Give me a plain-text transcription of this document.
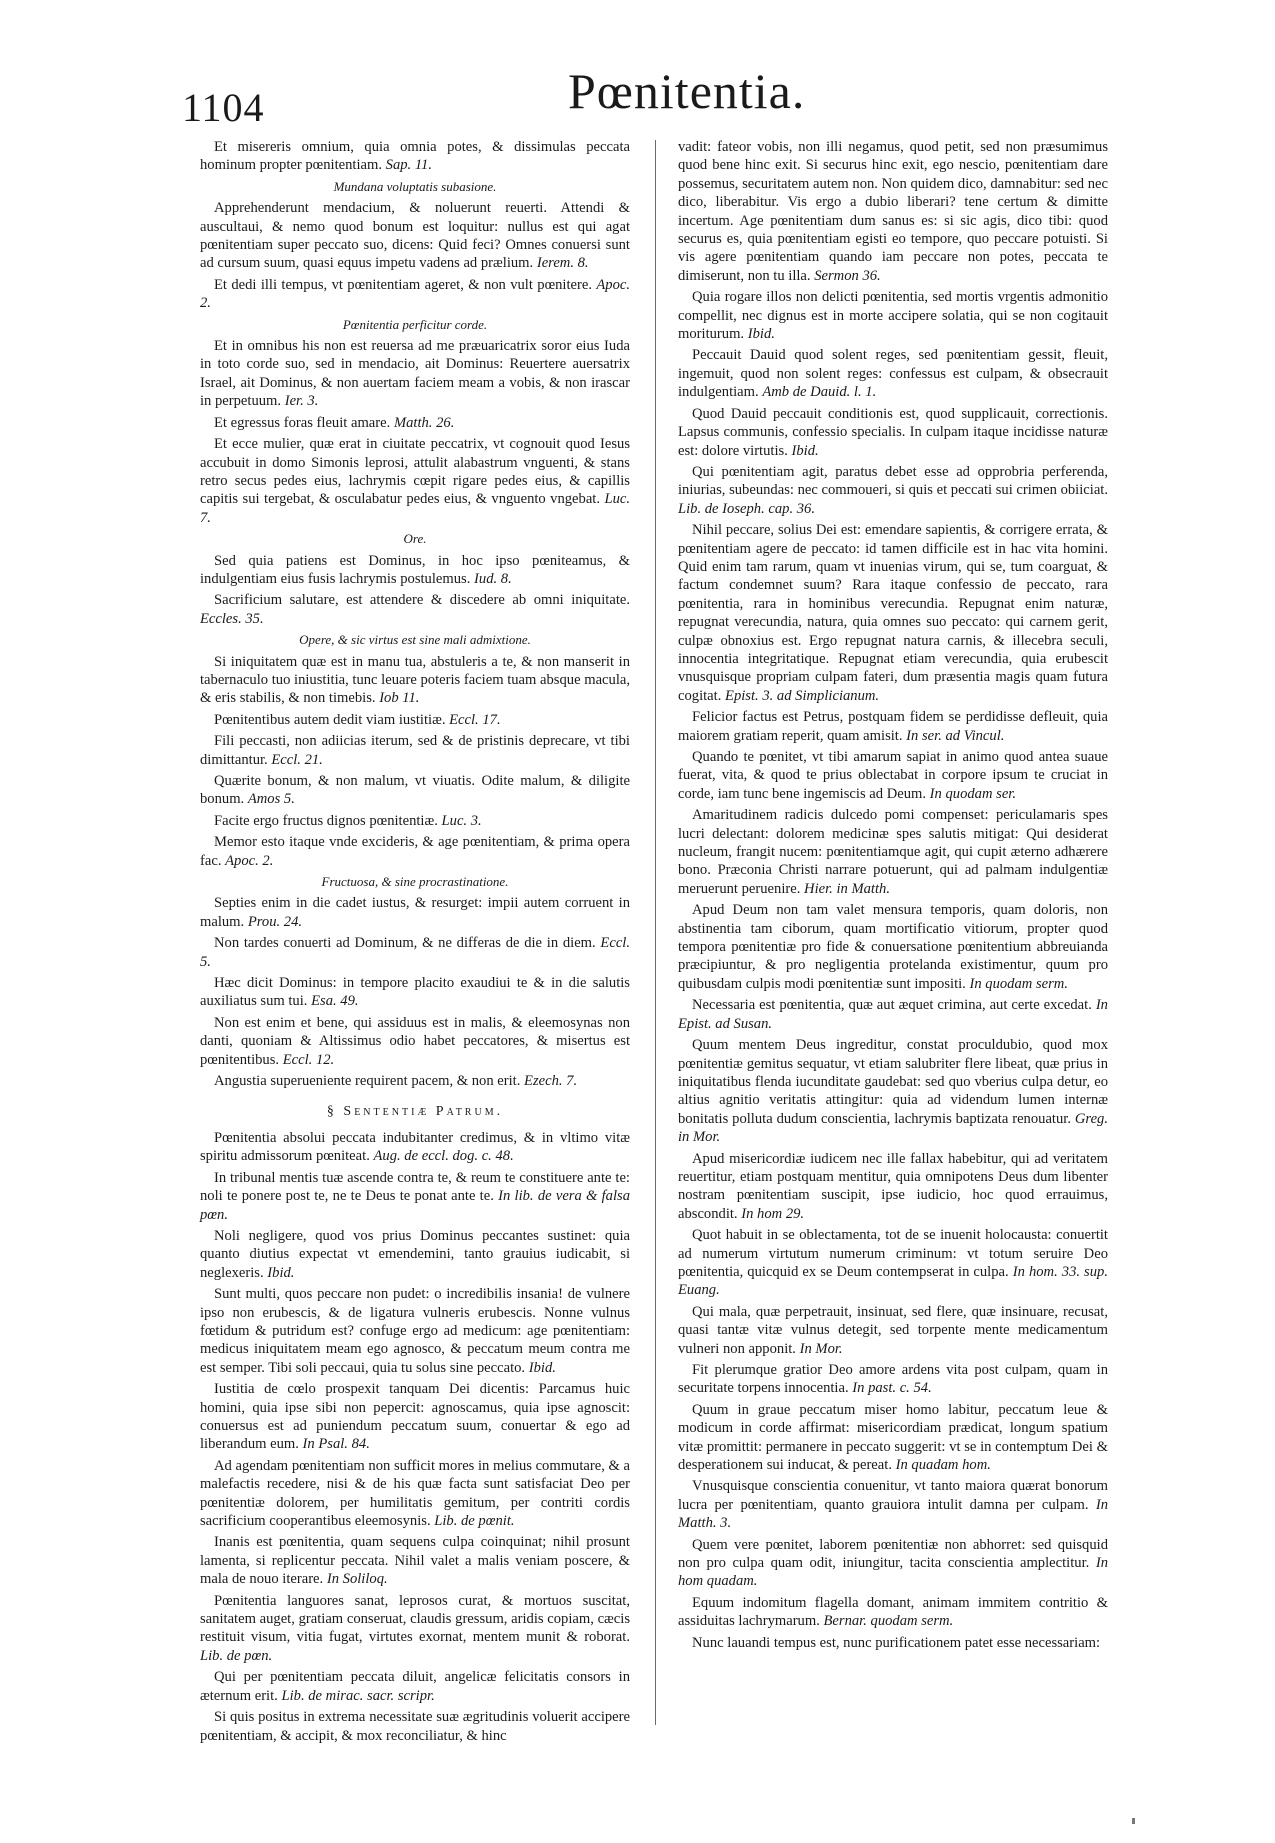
1104	Pœnitentia.

Et misereris omnium, quia omnia potes, & dissimulas peccata hominum propter pœnitentiam. Sap. 11.

Mundana voluptatis subasione.

Apprehenderunt mendacium, & noluerunt reuerti. Attendi & auscultaui, & nemo quod bonum est loquitur: nullus est qui agat pœnitentiam super peccato suo, dicens: Quid feci? Omnes conuersi sunt ad cursum suum, quasi equus impetu vadens ad prælium. Ierem. 8.

Et dedi illi tempus, vt pœnitentiam ageret, & non vult pœnitere. Apoc. 2.

Pœnitentia perficitur corde.

Et in omnibus his non est reuersa ad me præuaricatrix soror eius Iuda in toto corde suo, sed in mendacio, ait Dominus: Reuertere auersatrix Israel, ait Dominus, & non auertam faciem meam a vobis, & non irascar in perpetuum. Ier. 3.

Et egressus foras fleuit amare. Matth. 26.

Et ecce mulier, quæ erat in ciuitate peccatrix, vt cognouit quod Iesus accubuit in domo Simonis leprosi, attulit alabastrum vnguenti, & stans retro secus pedes eius, lachrymis cœpit rigare pedes eius, & capillis capitis sui tergebat, & osculabatur pedes eius, & vnguento vngebat. Luc. 7.

Ore.

Sed quia patiens est Dominus, in hoc ipso pœniteamus, & indulgentiam eius fusis lachrymis postulemus. Iud. 8.

Sacrificium salutare, est attendere & discedere ab omni iniquitate. Eccles. 35.

Opere, & sic virtus est sine mali admixtione.

Si iniquitatem quæ est in manu tua, abstuleris a te, & non manserit in tabernaculo tuo iniustitia, tunc leuare poteris faciem tuam absque macula, & eris stabilis, & non timebis. Iob 11.

Pœnitentibus autem dedit viam iustitiæ. Eccl. 17.

Fili peccasti, non adiicias iterum, sed & de pristinis deprecare, vt tibi dimittantur. Eccl. 21.

Quærite bonum, & non malum, vt viuatis. Odite malum, & diligite bonum. Amos 5.

Facite ergo fructus dignos pœnitentiæ. Luc. 3.

Memor esto itaque vnde excideris, & age pœnitentiam, & prima opera fac. Apoc. 2.

Fructuosa, & sine procrastinatione.

Septies enim in die cadet iustus, & resurget: impii autem corruent in malum. Prou. 24.

Non tardes conuerti ad Dominum, & ne differas de die in diem. Eccl. 5.

Hæc dicit Dominus: in tempore placito exaudiui te & in die salutis auxiliatus sum tui. Esa. 49.

Non est enim et bene, qui assiduus est in malis, & eleemosynas non danti, quoniam & Altissimus odio habet peccatores, & misertus est pœnitentibus. Eccl. 12.

Angustia superueniente requirent pacem, & non erit. Ezech. 7.

§ Sententiæ Patrum.

Pœnitentia absolui peccata indubitanter credimus, & in vltimo vitæ spiritu admissorum pœniteat. Aug. de eccl. dog. c. 48.

In tribunal mentis tuæ ascende contra te, & reum te constituere ante te: noli te ponere post te, ne te Deus te ponat ante te. In lib. de vera & falsa pœn.

Noli negligere, quod vos prius Dominus peccantes sustinet: quia quanto diutius expectat vt emendemini, tanto grauius iudicabit, si neglexeris. Ibid.

Sunt multi, quos peccare non pudet: o incredibilis insania! de vulnere ipso non erubescis, & de ligatura vulneris erubescis. Nonne vulnus fœtidum & putridum est? confuge ergo ad medicum: age pœnitentiam: medicus iniquitatem meam ego agnosco, & peccatum meum contra me est semper. Tibi soli peccaui, quia tu solus sine peccato. Ibid.

Iustitia de cœlo prospexit tanquam Dei dicentis: Parcamus huic homini, quia ipse sibi non pepercit: agnoscamus, quia ipse agnoscit: conuersus est ad puniendum peccatum suum, conuertar & ego ad liberandum eum. In Psal. 84.

Ad agendam pœnitentiam non sufficit mores in melius commutare, & a malefactis recedere, nisi & de his quæ facta sunt satisfaciat Deo per pœnitentiæ dolorem, per humilitatis gemitum, per contriti cordis sacrificium cooperantibus eleemosynis. Lib. de pœnit.

Inanis est pœnitentia, quam sequens culpa coinquinat; nihil prosunt lamenta, si replicentur peccata. Nihil valet a malis veniam poscere, & mala de nouo iterare. In Soliloq.

Pœnitentia languores sanat, leprosos curat, & mortuos suscitat, sanitatem auget, gratiam conseruat, claudis gressum, aridis copiam, cæcis restituit visum, vitia fugat, virtutes exornat, mentem munit & roborat. Lib. de pœn.

Qui per pœnitentiam peccata diluit, angelicæ felicitatis consors in æternum erit. Lib. de mirac. sacr. scripr.

Si quis positus in extrema necessitate suæ ægritudinis voluerit accipere pœnitentiam, & accipit, & mox reconciliatur, & hinc

vadit: fateor vobis, non illi negamus, quod petit, sed non præsumimus quod bene hinc exit. Si securus hinc exit, ego nescio, pœnitentiam dare possemus, securitatem autem non. Non quidem dico, damnabitur: sed nec dico, liberabitur. Vis ergo a dubio liberari? tene certum & dimitte incertum. Age pœnitentiam dum sanus es: si sic agis, dico tibi: quod securus es, quia pœnitentiam egisti eo tempore, quo peccare potuisti. Si vis agere pœnitentiam quando iam peccare non potes, peccata te dimiserunt, non tu illa. Sermon 36.

Quia rogare illos non delicti pœnitentia, sed mortis vrgentis admonitio compellit, nec dignus est in morte accipere solatia, qui se non cogitauit moriturum. Ibid.

Peccauit Dauid quod solent reges, sed pœnitentiam gessit, fleuit, ingemuit, quod non solent reges: confessus est culpam, & obsecrauit indulgentiam. Amb de Dauid. l. 1.

Quod Dauid peccauit conditionis est, quod supplicauit, correctionis. Lapsus communis, confessio specialis. In culpam itaque incidisse naturæ est: dolore virtutis. Ibid.

Qui pœnitentiam agit, paratus debet esse ad opprobria perferenda, iniurias, subeundas: nec commoueri, si quis et peccati sui crimen obiiciat. Lib. de Ioseph. cap. 36.

Nihil peccare, solius Dei est: emendare sapientis, & corrigere errata, & pœnitentiam agere de peccato: id tamen difficile est in hac vita homini. Quid enim tam rarum, quam vt inuenias virum, qui se, tum coarguat, & factum condemnet suum? Rara itaque confessio de peccato, rara pœnitentia, rara in hominibus verecundia. Repugnat enim naturæ, repugnat verecundia, natura, quia omnes suo peccato: qui carnem gerit, culpæ obnoxius est. Ergo repugnat natura carnis, & illecebra seculi, innocentia integritatique. Repugnat etiam verecundia, quia erubescit vnusquisque propriam culpam fateri, dum præsentia magis quam futura cogitat. Epist. 3. ad Simplicianum.

Felicior factus est Petrus, postquam fidem se perdidisse defleuit, quia maiorem gratiam reperit, quam amisit. In ser. ad Vincul.

Quando te pœnitet, vt tibi amarum sapiat in animo quod antea suaue fuerat, vita, & quod te prius oblectabat in corpore ipsum te cruciat in corde, iam tunc bene ingemiscis ad Deum. In quodam ser.

Amaritudinem radicis dulcedo pomi compenset: periculamaris spes lucri delectant: dolorem medicinæ spes salutis mitigat: Qui desiderat nucleum, frangit nucem: pœnitentiamque agit, qui cupit æterno adhærere bono. Præconia Christi narrare potuerunt, qui ad palmam indulgentiæ meruerunt peruenire. Hier. in Matth.

Apud Deum non tam valet mensura temporis, quam doloris, non abstinentia tam ciborum, quam mortificatio vitiorum, propter quod tempora pœnitentiæ pro fide & conuersatione pœnitentium abbreuianda præcipiuntur, & pro negligentia protelanda existimentur, quum pro quibusdam culpis modi pœnitentiæ sunt impositi. In quodam serm.

Necessaria est pœnitentia, quæ aut æquet crimina, aut certe excedat. In Epist. ad Susan.

Quum mentem Deus ingreditur, constat proculdubio, quod mox pœnitentiæ gemitus sequatur, vt etiam salubriter flere libeat, quæ prius in iniquitatibus flenda iucunditate gaudebat: sed quo vberius culpa detur, eo altius agnitio veritatis attingitur: quia ad videndum lumen internæ bonitatis polluta dudum conscientia, lachrymis baptizata renouatur. Greg. in Mor.

Apud misericordiæ iudicem nec ille fallax habebitur, qui ad veritatem reuertitur, etiam postquam mentitur, quia omnipotens Deus dum libenter nostram pœnitentiam suscipit, ipse iudicio, hoc quod errauimus, abscondit. In hom 29.

Quot habuit in se oblectamenta, tot de se inuenit holocausta: conuertit ad numerum virtutum numerum criminum: vt totum seruire Deo pœnitentia, quicquid ex se Deum contempserat in culpa. In hom. 33. sup. Euang.

Qui mala, quæ perpetrauit, insinuat, sed flere, quæ insinuare, recusat, quasi tantæ vitæ vulnus detegit, sed torpente mente medicamentum vulneri non apponit. In Mor.

Fit plerumque gratior Deo amore ardens vita post culpam, quam in securitate torpens innocentia. In past. c. 54.

Quum in graue peccatum miser homo labitur, peccatum leue & modicum in corde affirmat: misericordiam prædicat, longum spatium vitæ promittit: permanere in peccato suggerit: vt se in contemptum Dei & desperationem sui inducat, & pereat. In quadam hom.

Vnusquisque conscientia conuenitur, vt tanto maiora quærat bonorum lucra per pœnitentiam, quanto grauiora intulit damna per culpam. In Matth. 3.

Quem vere pœnitet, laborem pœnitentiæ non abhorret: sed quisquid non pro culpa quam odit, iniungitur, tacita conscientia amplectitur. In hom quadam.

Equum indomitum flagella domant, animam immitem contritio & assiduitas lachrymarum. Bernar. quodam serm.

Nunc lauandi tempus est, nunc purificationem patet esse necessariam:
